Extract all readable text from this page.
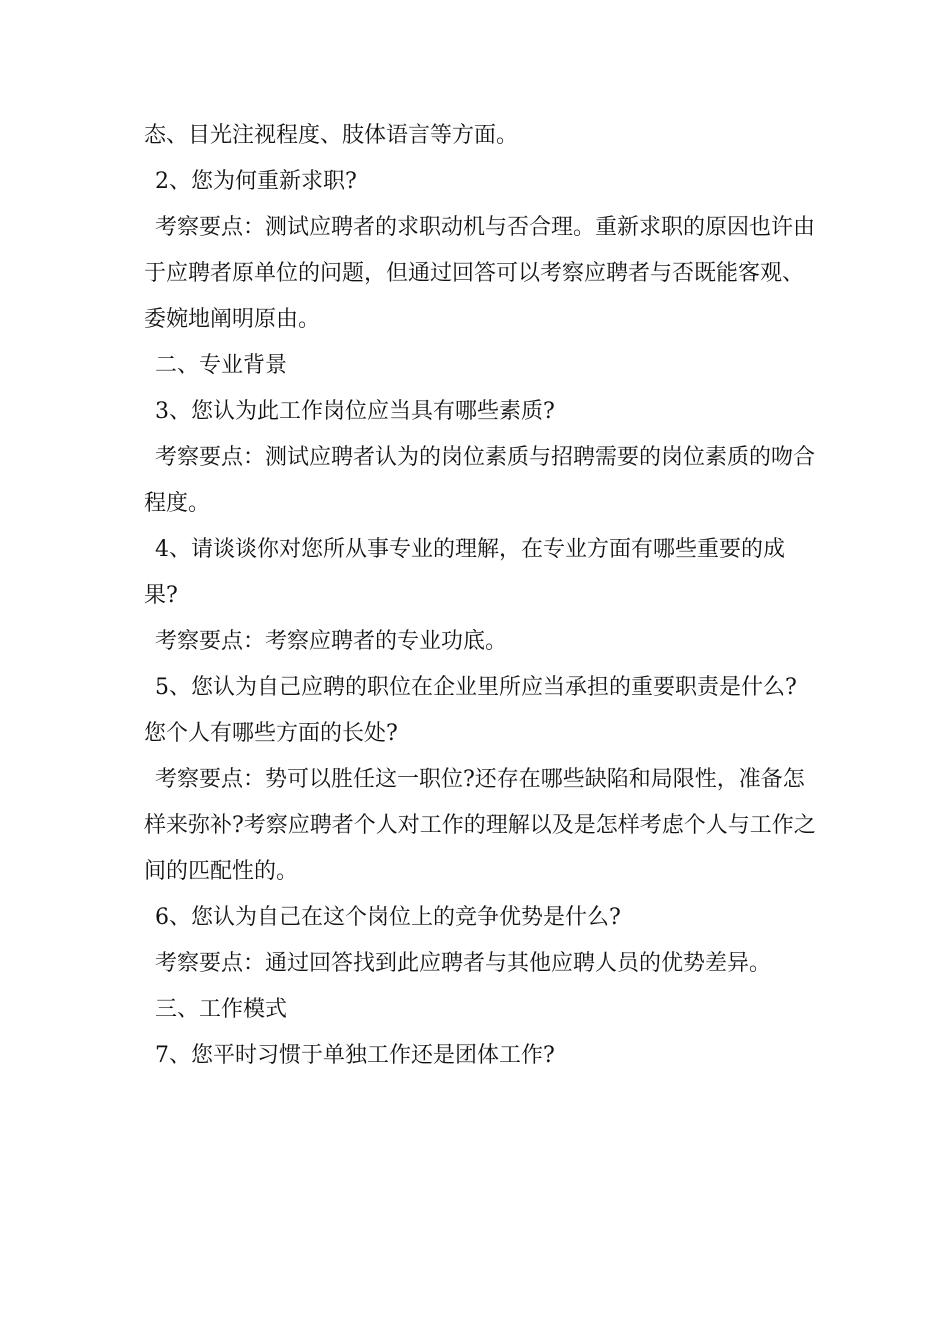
态、目光注视程度、肢体语言等方面。

2、您为何重新求职?

考察要点：测试应聘者的求职动机与否合理。重新求职的原因也许由于应聘者原单位的问题，但通过回答可以考察应聘者与否既能客观、委婉地阐明原由。

二、专业背景

3、您认为此工作岗位应当具有哪些素质?

考察要点：测试应聘者认为的岗位素质与招聘需要的岗位素质的吻合程度。

4、请谈谈你对您所从事专业的理解，在专业方面有哪些重要的成果?

考察要点：考察应聘者的专业功底。

5、您认为自己应聘的职位在企业里所应当承担的重要职责是什么?您个人有哪些方面的长处?

考察要点：势可以胜任这一职位?还存在哪些缺陷和局限性，准备怎样来弥补?考察应聘者个人对工作的理解以及是怎样考虑个人与工作之间的匹配性的。

6、您认为自己在这个岗位上的竞争优势是什么?

考察要点：通过回答找到此应聘者与其他应聘人员的优势差异。

三、工作模式

7、您平时习惯于单独工作还是团体工作?
